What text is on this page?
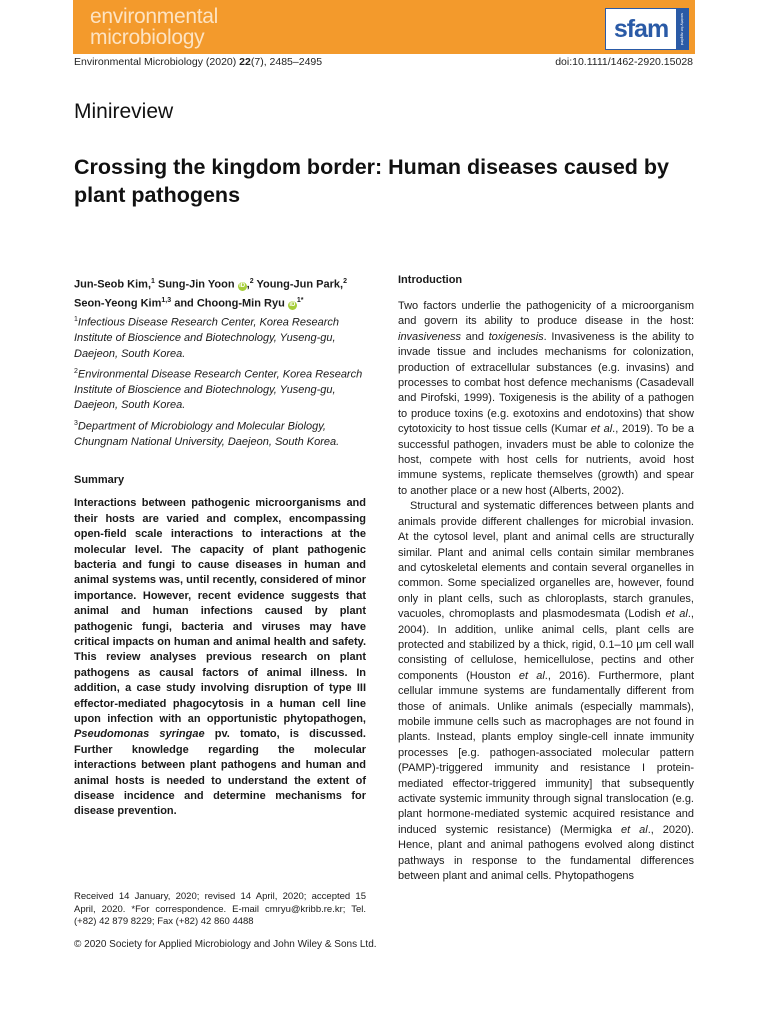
environmental
microbiology	sfam	society for applied microbiology
Environmental Microbiology (2020) 22(7), 2485–2495	doi:10.1111/1462-2920.15028
Minireview
Crossing the kingdom border: Human diseases caused by plant pathogens

Jun-Seob Kim,$^1$ Sung-Jin Yoon iD ,$^2$ Young-Jun Park,$^2$
Seon-Yeong Kim$^{1,3}$ and Choong-Min Ryu $iD^{1*}$

$^1$Infectious Disease Research Center, Korea Research Institute of Bioscience and Biotechnology, Yuseng-gu, Daejeon, South Korea.

$^2$Environmental Disease Research Center, Korea Research Institute of Bioscience and Biotechnology, Yuseng-gu, Daejeon, South Korea.

$^3$Department of Microbiology and Molecular Biology, Chungnam National University, Daejeon, South Korea.

Summary

Interactions between pathogenic microorganisms and their hosts are varied and complex, encompassing open-field scale interactions to interactions at the molecular level. The capacity of plant pathogenic bacteria and fungi to cause diseases in human and animal systems was, until recently, considered of minor importance. However, recent evidence suggests that animal and human infections caused by plant pathogenic fungi, bacteria and viruses may have critical impacts on human and animal health and safety. This review analyses previous research on plant pathogens as causal factors of animal illness. In addition, a case study involving disruption of type III effector-mediated phagocytosis in a human cell line upon infection with an opportunistic phytopathogen, Pseudomonas syringae pv. tomato, is discussed. Further knowledge regarding the molecular interactions between plant pathogens and human and animal hosts is needed to understand the extent of disease incidence and determine mechanisms for disease prevention.

Received 14 January, 2020; revised 14 April, 2020; accepted 15 April, 2020. *For correspondence. E-mail cmryu@kribb.re.kr; Tel. (+82) 42 879 8229; Fax (+82) 42 860 4488

© 2020 Society for Applied Microbiology and John Wiley & Sons Ltd.

Introduction

Two factors underlie the pathogenicity of a microorganism and govern its ability to produce disease in the host: invasiveness and toxigenesis. Invasiveness is the ability to invade tissue and includes mechanisms for colonization, production of extracellular substances (e.g. invasins) and processes to combat host defence mechanisms (Casadevall and Pirofski, 1999). Toxigenesis is the ability of a pathogen to produce toxins (e.g. exotoxins and endotoxins) that show cytotoxicity to host tissue cells (Kumar et al., 2019). To be a successful pathogen, invaders must be able to colonize the host, compete with host cells for nutrients, avoid host immune systems, replicate themselves (growth) and spear to another place or a new host (Alberts, 2002).

Structural and systematic differences between plants and animals provide different challenges for microbial invasion. At the cytosol level, plant and animal cells are structurally similar. Plant and animal cells contain similar membranes and cytoskeletal elements and contain several organelles in common. Some specialized organelles are, however, found only in plant cells, such as chloroplasts, starch granules, vacuoles, chromoplasts and plasmodesmata (Lodish et al., 2004). In addition, unlike animal cells, plant cells are protected and stabilized by a thick, rigid, 0.1–10 μm cell wall consisting of cellulose, hemicellulose, pectins and other components (Houston et al., 2016). Furthermore, plant cellular immune systems are fundamentally different from those of animals. Unlike animals (especially mammals), mobile immune cells such as macrophages are not found in plants. Instead, plants employ single-cell innate immunity processes [e.g. pathogen-associated molecular pattern (PAMP)-triggered immunity and resistance I protein-mediated effector-triggered immunity] that subsequently activate systemic immunity through signal translocation (e.g. plant hormone-mediated systemic acquired resistance and induced systemic resistance) (Mermigka et al., 2020). Hence, plant and animal pathogens evolved along distinct pathways in response to the fundamental differences between plant and animal cells. Phytopathogens
